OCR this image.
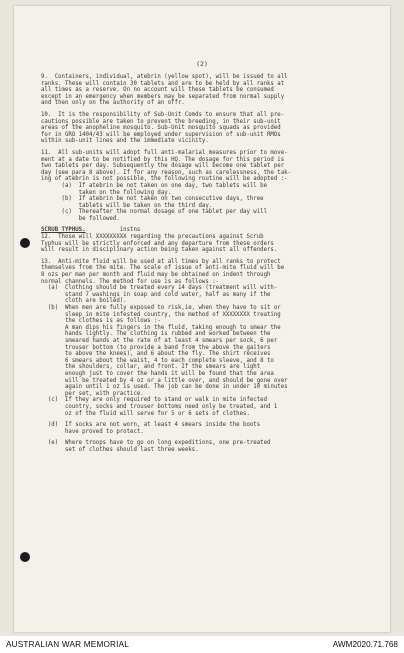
(2)
9.  Containers, individual, atebrin (yellow spot), will be issued to all
ranks. These will contain 30 tablets and are to be held by all ranks at
all times as a reserve. On no account will these tablets be consumed
except in an emergency when members may be separated from normal supply
and then only on the authority of an offr.
10.  It is the responsibility of Sub-Unit Comds to ensure that all pre-
cautions possible are taken to prevent the breeding, in their sub-unit
areas of the anopheline mosquito. Sub-Unit mosquito squads as provided
for in GRO 1404/43 will be employed under supervision of sub-unit RMOs
within sub-unit lines and the immediate vicinity.
11.  All sub-units will adopt full anti-malarial measures prior to move-
ment at a date to be notified by this HQ. The dosage for this period is
two tablets per day. Subsequently the dosage will become one tablet per
day (see para 8 above). If for any reason, such as carelessness, the tak-
ing of atebrin is not possible, the following routine will be adopted :-
(a)  If atebrin be not taken on one day, two tablets will be
taken on the following day.
(b)  If atebrin be not taken on two consecutive days, three
tablets will be taken on the third day.
(c)  Thereafter the normal dosage of one tablet per day will
be followed.
SCRUB TYPHUS.          instns
12.  Those will XXXXXXXXX regarding the precautions against Scrub
Typhus will be strictly enforced and any departure from these orders
will result in disciplinary action being taken against all offenders.
13.  Anti-mite fluid will be used at all times by all ranks to protect
themselves from the mite. The scale of issue of anti-mite fluid will be
8 ozs per man per month and fluid may be obtained on indent through
normal channels. The method for use is as follows :-
(a)  Clothing should be treated every 14 days (treatment will with-
stand 7 washings in soap and cold water, half as many if the
cloth are boiled).
(b)  When men are fully exposed to risk,ie, when they have to sit or
sleep in mite infested country, the method of XXXXXXXX treating
the clothes is as follows :-
A man dips his fingers in the fluid, taking enough to smear the
hands lightly. The clothing is rubbed and worked between the
smeared hands at the rate of at least 4 smears per sock, 6 per
trouser bottom (to provide a band from the above the gaiters
to above the knees), and 6 about the fly. The shirt receives
6 smears about the waist, 4 to each complete sleeve, and 8 to
the shoulders, collar, and front. If the smears are light
enough just to cover the hands it will be found that the area
will be treated by 4 oz or a little over, and should be gone over
again until 1 oz is used. The job can be done in under 10 minutes
per set, with practice.
(c)  If they are only required to stand or walk in mite infected
country, socks and trouser bottoms need only be treated, and 1
oz of the fluid will serve for 5 or 6 sets of clothes.
(d)  If socks are not worn, at least 4 smears inside the boots
have proved to protect.
(e)  Where troops have to go on long expeditions, one pre-treated
set of clothes should last three weeks.
AUSTRALIAN WAR MEMORIAL	AWM2020.71.768
